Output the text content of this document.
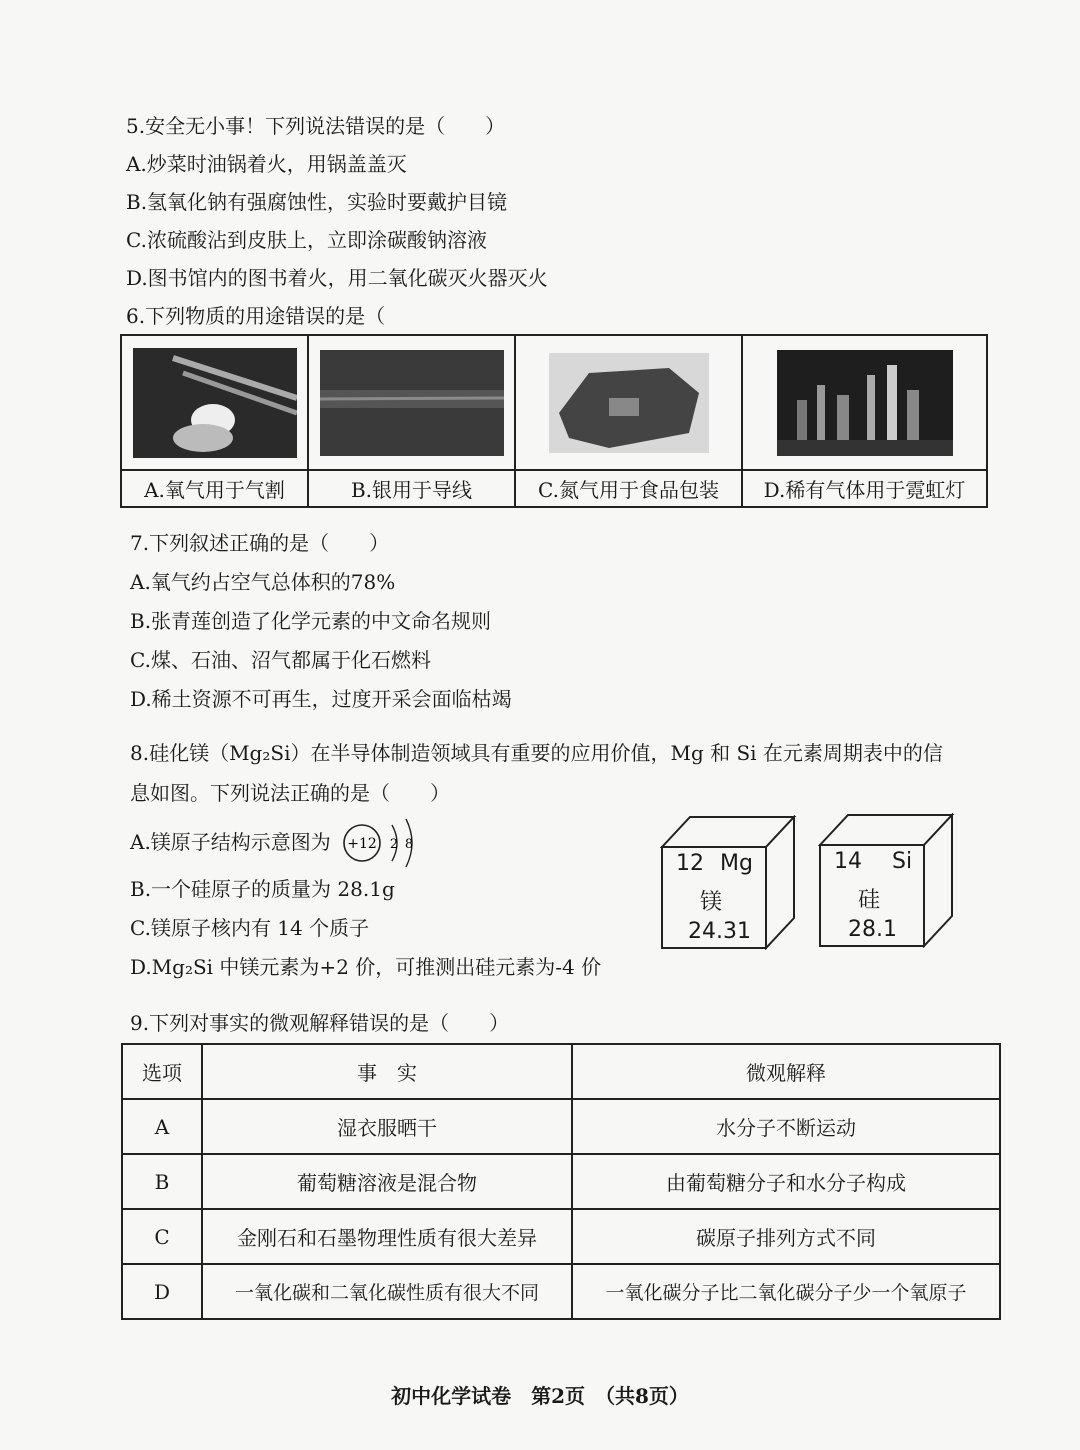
5.安全无小事！下列说法错误的是（　　）
A.炒菜时油锅着火，用锅盖盖灭
B.氢氧化钠有强腐蚀性，实验时要戴护目镜
C.浓硫酸沾到皮肤上，立即涂碳酸钠溶液
D.图书馆内的图书着火，用二氧化碳灭火器灭火
6.下列物质的用途错误的是（

A.氧气用于气割	B.银用于导线	C.氮气用于食品包装	D.稀有气体用于霓虹灯
7.下列叙述正确的是（　　）
A.氧气约占空气总体积的78%
B.张青莲创造了化学元素的中文命名规则
C.煤、石油、沼气都属于化石燃料
D.稀土资源不可再生，过度开采会面临枯竭
8.硅化镁（Mg₂Si）在半导体制造领域具有重要的应用价值，Mg 和 Si 在元素周期表中的信
息如图。下列说法正确的是（　　）
A.镁原子结构示意图为 +12 2 8
B.一个硅原子的质量为 28.1g
C.镁原子核内有 14 个质子
D.Mg₂Si 中镁元素为+2 价，可推测出硅元素为-4 价
12 Mg
镁
24.31
14 Si
硅
28.1
9.下列对事实的微观解释错误的是（　　）
选项	事　实	微观解释
A	湿衣服晒干	水分子不断运动
B	葡萄糖溶液是混合物	由葡萄糖分子和水分子构成
C	金刚石和石墨物理性质有很大差异	碳原子排列方式不同
D	一氧化碳和二氧化碳性质有很大不同	一氧化碳分子比二氧化碳分子少一个氧原子
初中化学试卷　第2页　（共8页）
